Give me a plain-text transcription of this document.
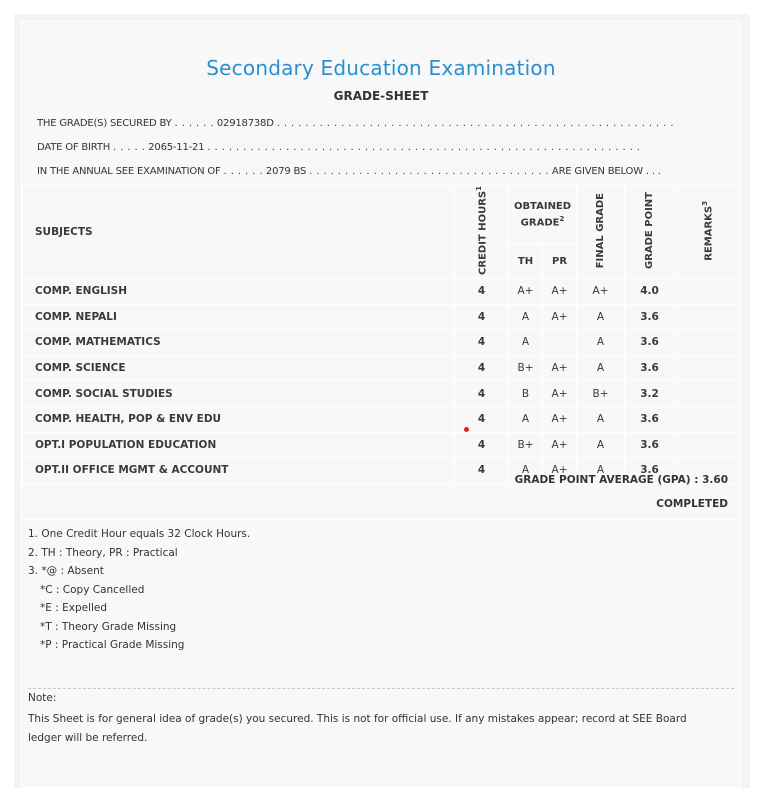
Secondary Education Examination
GRADE-SHEET
THE GRADE(S) SECURED BY . . . . . . 02918738D . . . . . . . . . . . . . . . . . . . . . . . . . . . . . . . . . . . . . . . . . . . . . . . . . . . . . . . .
DATE OF BIRTH . . . . . 2065-11-21 . . . . . . . . . . . . . . . . . . . . . . . . . . . . . . . . . . . . . . . . . . . . . . . . . . . . . . . . . . . . .
IN THE ANNUAL SEE EXAMINATION OF . . . . . . 2079 BS . . . . . . . . . . . . . . . . . . . . . . . . . . . . . . . . . . ARE GIVEN BELOW . . .
SUBJECTS	CREDIT HOURS$^1$	OBTAINED GRADE$^2$		FINAL GRADE	GRADE POINT	REMARKS$^3$
		TH	PR			
COMP. ENGLISH	4	A+	A+	A+	4.0	
COMP. NEPALI	4	A	A+	A	3.6	
COMP. MATHEMATICS	4	A		A	3.6	
COMP. SCIENCE	4	B+	A+	A	3.6	
COMP. SOCIAL STUDIES	4	B	A+	B+	3.2	
COMP. HEALTH, POP & ENV EDU	4	A	A+	A	3.6	
OPT.I POPULATION EDUCATION	4	B+	A+	A	3.6	
OPT.II OFFICE MGMT & ACCOUNT	4	A	A+	A	3.6	
GRADE POINT AVERAGE (GPA) : 3.60
COMPLETED
1. One Credit Hour equals 32 Clock Hours.
2. TH : Theory, PR : Practical
3. *@ : Absent
*C : Copy Cancelled
*E : Expelled
*T : Theory Grade Missing
*P : Practical Grade Missing
Note:
This Sheet is for general idea of grade(s) you secured. This is not for official use. If any mistakes appear; record at SEE Board ledger will be referred.
